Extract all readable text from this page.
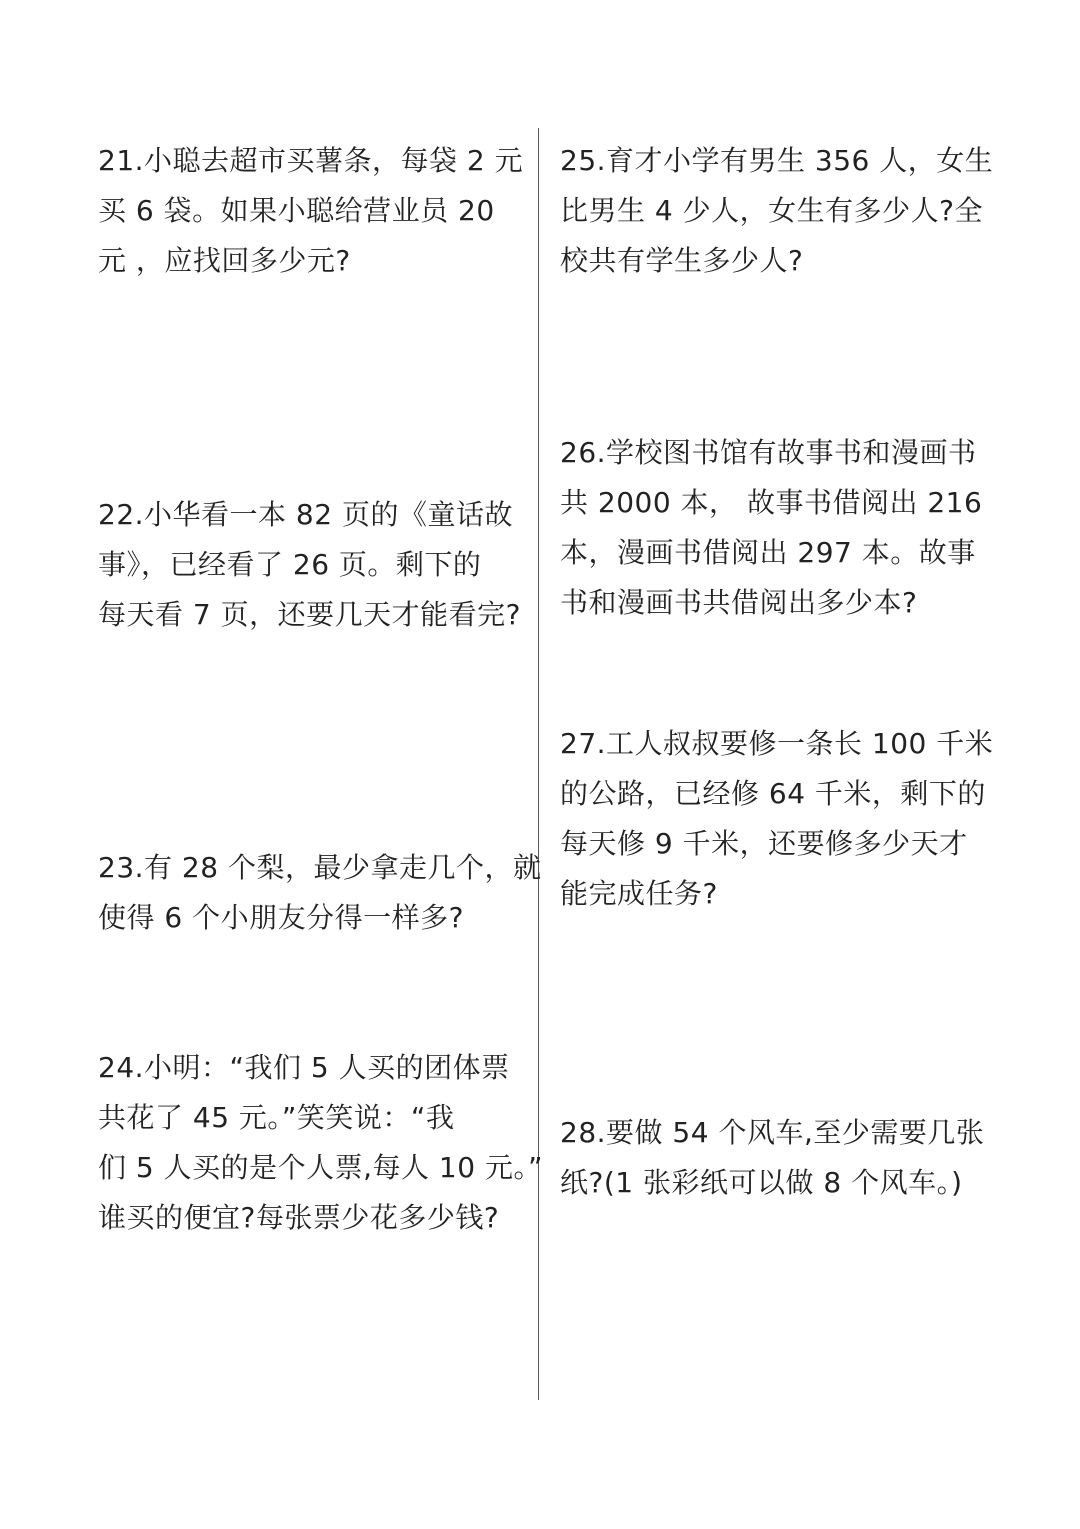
21.小聪去超市买薯条，每袋 2 元
买 6 袋。如果小聪给营业员 20
元 ，应找回多少元?
22.小华看一本 82 页的《童话故
事》，已经看了 26 页。剩下的
每天看 7 页，还要几天才能看完?
23.有 28 个梨，最少拿走几个，就
使得 6 个小朋友分得一样多?
24.小明：“我们 5 人买的团体票
共花了 45 元。”笑笑说：“我
们 5 人买的是个人票,每人 10 元。”
谁买的便宜?每张票少花多少钱?
25.育才小学有男生 356 人，女生
比男生 4 少人，女生有多少人?全
校共有学生多少人?
26.学校图书馆有故事书和漫画书
共 2000 本， 故事书借阅出 216
本，漫画书借阅出 297 本。故事
书和漫画书共借阅出多少本?
27.工人叔叔要修一条长 100 千米
的公路，已经修 64 千米，剩下的
每天修 9 千米，还要修多少天才
能完成任务?
28.要做 54 个风车,至少需要几张
纸?(1 张彩纸可以做 8 个风车。)
